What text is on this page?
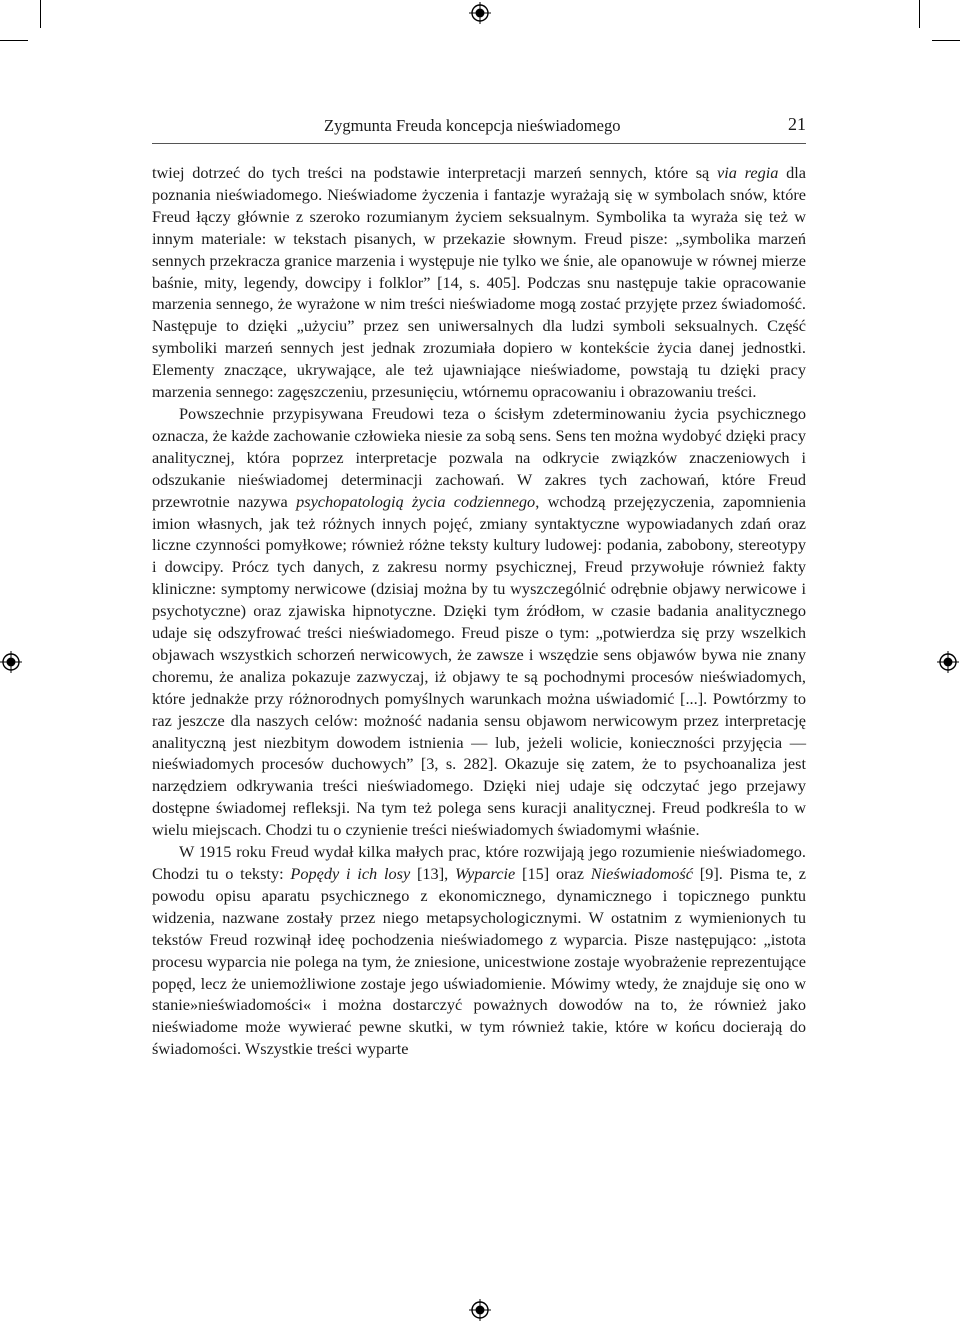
Zygmunta Freuda koncepcja nieświadomego	21

twiej dotrzeć do tych treści na podstawie interpretacji marzeń sennych, które są via regia dla poznania nieświadomego. Nieświadome życzenia i fantazje wyrażają się w symbolach snów, które Freud łączy głównie z szeroko rozumianym życiem seksualnym. Symbolika ta wyraża się też w innym materiale: w tekstach pisanych, w przekazie słownym. Freud pisze: „symbolika marzeń sennych przekracza granice marzenia i występuje nie tylko we śnie, ale opanowuje w równej mierze baśnie, mity, legendy, dowcipy i folklor” [14, s. 405]. Podczas snu następuje takie opracowanie marzenia sennego, że wyrażone w nim treści nieświadome mogą zostać przyjęte przez świadomość. Następuje to dzięki „użyciu” przez sen uniwersalnych dla ludzi symboli seksualnych. Część symboliki marzeń sennych jest jednak zrozumiała dopiero w kontekście życia danej jednostki. Elementy znaczące, ukrywające, ale też ujawniające nieświadome, powstają tu dzięki pracy marzenia sennego: zagęszczeniu, przesunięciu, wtórnemu opracowaniu i obrazowaniu treści.

Powszechnie przypisywana Freudowi teza o ścisłym zdeterminowaniu życia psychicznego oznacza, że każde zachowanie człowieka niesie za sobą sens. Sens ten można wydobyć dzięki pracy analitycznej, która poprzez interpretacje pozwala na odkrycie związków znaczeniowych i odszukanie nieświadomej determinacji zachowań. W zakres tych zachowań, które Freud przewrotnie nazywa psychopatologią życia codziennego, wchodzą przejęzyczenia, zapomnienia imion własnych, jak też różnych innych pojęć, zmiany syntaktyczne wypowiadanych zdań oraz liczne czynności pomyłkowe; również różne teksty kultury ludowej: podania, zabobony, stereotypy i dowcipy. Prócz tych danych, z zakresu normy psychicznej, Freud przywołuje również fakty kliniczne: symptomy nerwicowe (dzisiaj można by tu wyszczególnić odrębnie objawy nerwicowe i psychotyczne) oraz zjawiska hipnotyczne. Dzięki tym źródłom, w czasie badania analitycznego udaje się odszyfrować treści nieświadomego. Freud pisze o tym: „potwierdza się przy wszelkich objawach wszystkich schorzeń nerwicowych, że zawsze i wszędzie sens objawów bywa nie znany choremu, że analiza pokazuje zazwyczaj, iż objawy te są pochodnymi procesów nieświadomych, które jednakże przy różnorodnych pomyślnych warunkach można uświadomić [...]. Powtórzmy to raz jeszcze dla naszych celów: możność nadania sensu objawom nerwicowym przez interpretację analityczną jest niezbitym dowodem istnienia — lub, jeżeli wolicie, konieczności przyjęcia — nieświadomych procesów duchowych” [3, s. 282]. Okazuje się zatem, że to psychoanaliza jest narzędziem odkrywania treści nieświadomego. Dzięki niej udaje się odczytać jego przejawy dostępne świadomej refleksji. Na tym też polega sens kuracji analitycznej. Freud podkreśla to w wielu miejscach. Chodzi tu o czynienie treści nieświadomych świadomymi właśnie.

W 1915 roku Freud wydał kilka małych prac, które rozwijają jego rozumienie nieświadomego. Chodzi tu o teksty: Popędy i ich losy [13], Wyparcie [15] oraz Nieświadomość [9]. Pisma te, z powodu opisu aparatu psychicznego z ekonomicznego, dynamicznego i topicznego punktu widzenia, nazwane zostały przez niego metapsychologicznymi. W ostatnim z wymienionych tu tekstów Freud rozwinął ideę pochodzenia nieświadomego z wyparcia. Pisze następująco: „istota procesu wyparcia nie polega na tym, że zniesione, unicestwione zostaje wyobrażenie reprezentujące popęd, lecz że uniemożliwione zostaje jego uświadomienie. Mówimy wtedy, że znajduje się ono w stanie»nieświadomości« i można dostarczyć poważnych dowodów na to, że również jako nieświadome może wywierać pewne skutki, w tym również takie, które w końcu docierają do świadomości. Wszystkie treści wyparte
